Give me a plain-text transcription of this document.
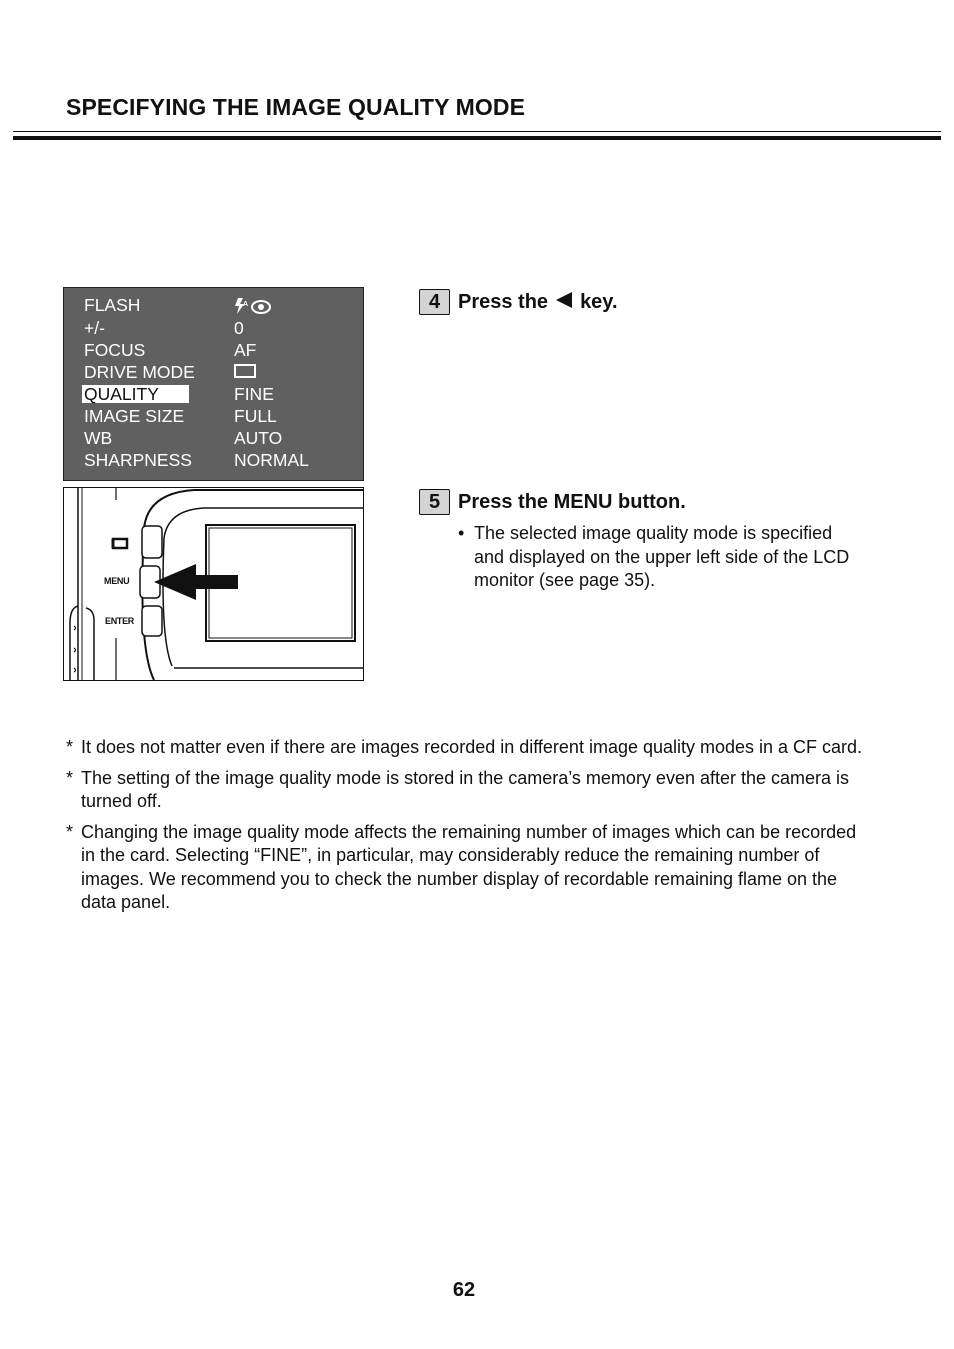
SPECIFYING THE IMAGE QUALITY MODE
FLASH	A
+/-	0
FOCUS	AF
DRIVE MODE
QUALITY	FINE
IMAGE SIZE	FULL
WB	AUTO
SHARPNESS NORMAL
MENU
ENTER
4 Press the key.
5 Press the MENU button.
• The selected image quality mode is specified and displayed on the upper left side of the LCD monitor (see page 35).
* It does not matter even if there are images recorded in different image quality modes in a CF card.
* The setting of the image quality mode is stored in the camera’s memory even after the camera is turned off.
* Changing the image quality mode affects the remaining number of images which can be recorded in the card. Selecting “FINE”, in particular, may considerably reduce the remaining number of images. We recommend you to check the number display of recordable remaining flame on the data panel.
62
